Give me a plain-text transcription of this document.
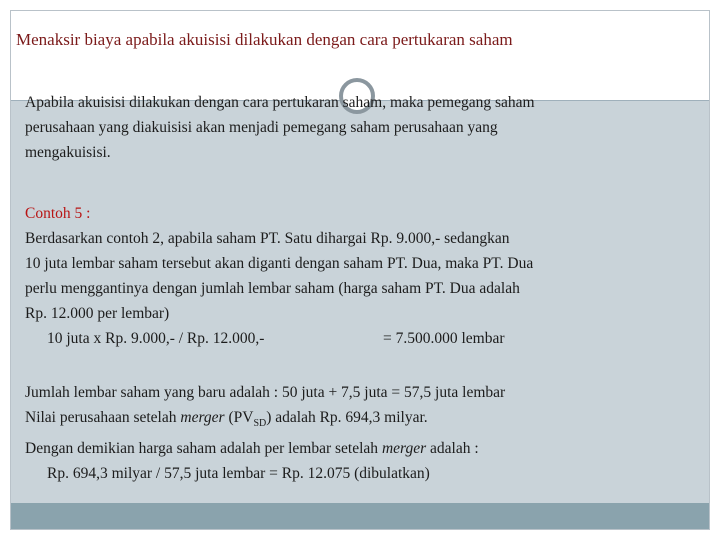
Menaksir biaya apabila akuisisi dilakukan dengan cara pertukaran saham
Apabila akuisisi dilakukan dengan cara pertukaran saham, maka pemegang saham
perusahaan yang diakuisisi akan menjadi pemegang saham perusahaan yang
mengakuisisi.
Contoh 5 :
Berdasarkan contoh 2, apabila saham PT. Satu dihargai Rp. 9.000,- sedangkan
10 juta lembar saham tersebut akan diganti dengan saham PT. Dua, maka PT. Dua
perlu menggantinya dengan jumlah lembar saham (harga saham PT. Dua adalah
Rp. 12.000 per lembar)
10 juta x Rp. 9.000,- / Rp. 12.000,-	= 7.500.000 lembar
Jumlah lembar saham yang baru adalah : 50 juta + 7,5 juta = 57,5 juta lembar
Nilai perusahaan setelah merger $(PV_{SD})$ adalah Rp. 694,3 milyar.
Dengan demikian harga saham adalah per lembar setelah merger adalah :
Rp. 694,3 milyar / 57,5 juta lembar = Rp. 12.075 (dibulatkan)
